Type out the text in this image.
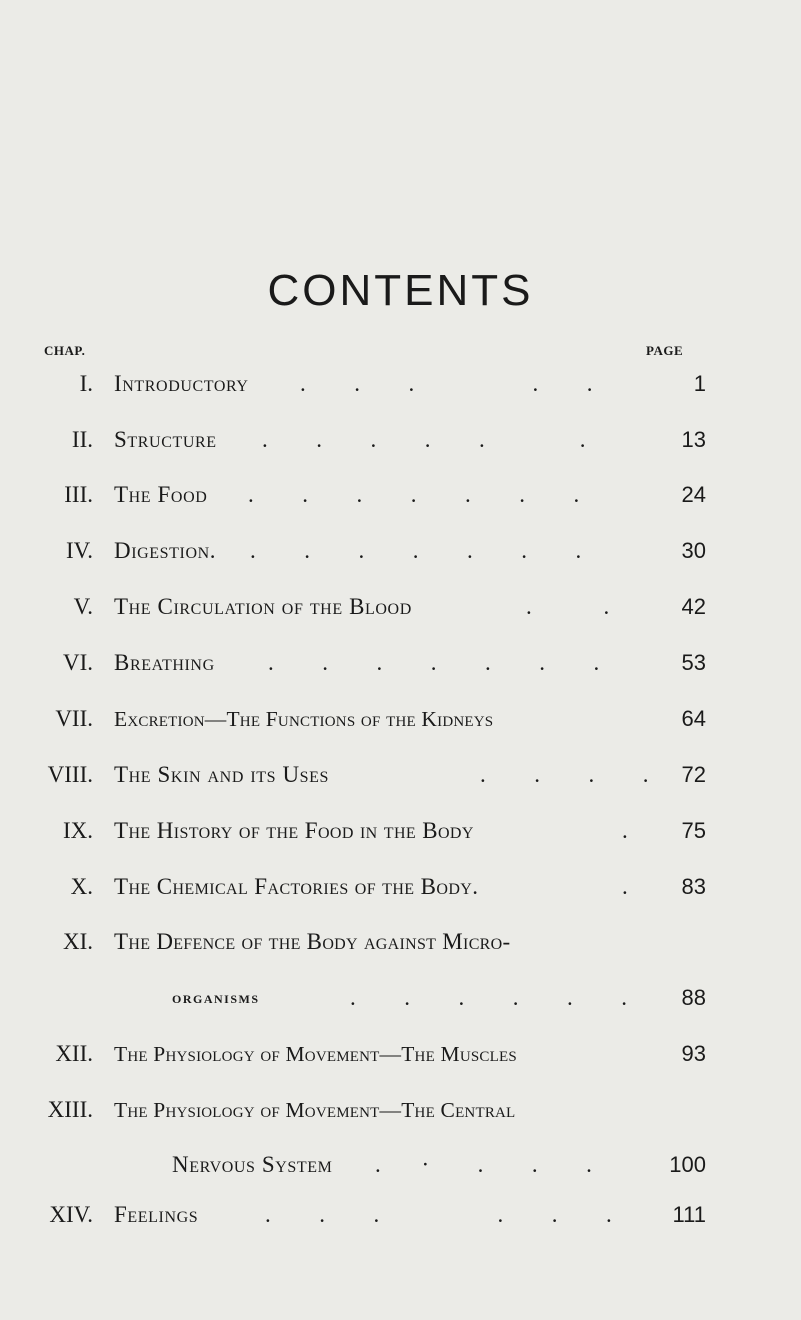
CONTENTS
CHAP.	PAGE
I. Introductory .      .      .               .      .	1
II. Structure .      .      .      .      .            .	13
III. The Food .      .      .      .      .      .      .	24
IV. Digestion. .      .      .      .      .      .      .	30
V. The Circulation of the Blood	.         .	42
VI. Breathing .      .      .      .      .      .      .	53
VII. Excretion—The Functions of the Kidneys	64
VIII. The Skin and its Uses	.      .      .      .	72
IX. The History of the Food in the Body	.	75
X. The Chemical Factories of the Body.	.	83
XI. The Defence of the Body against Micro-
organisms	.      .      .      .      .      .	88
XII. The Physiology of Movement—The Muscles	93
XIII. The Physiology of Movement—The Central
Nervous System .     ·      .      .      .	100
XIV. Feelings	.      .      .               .      .      .	111
